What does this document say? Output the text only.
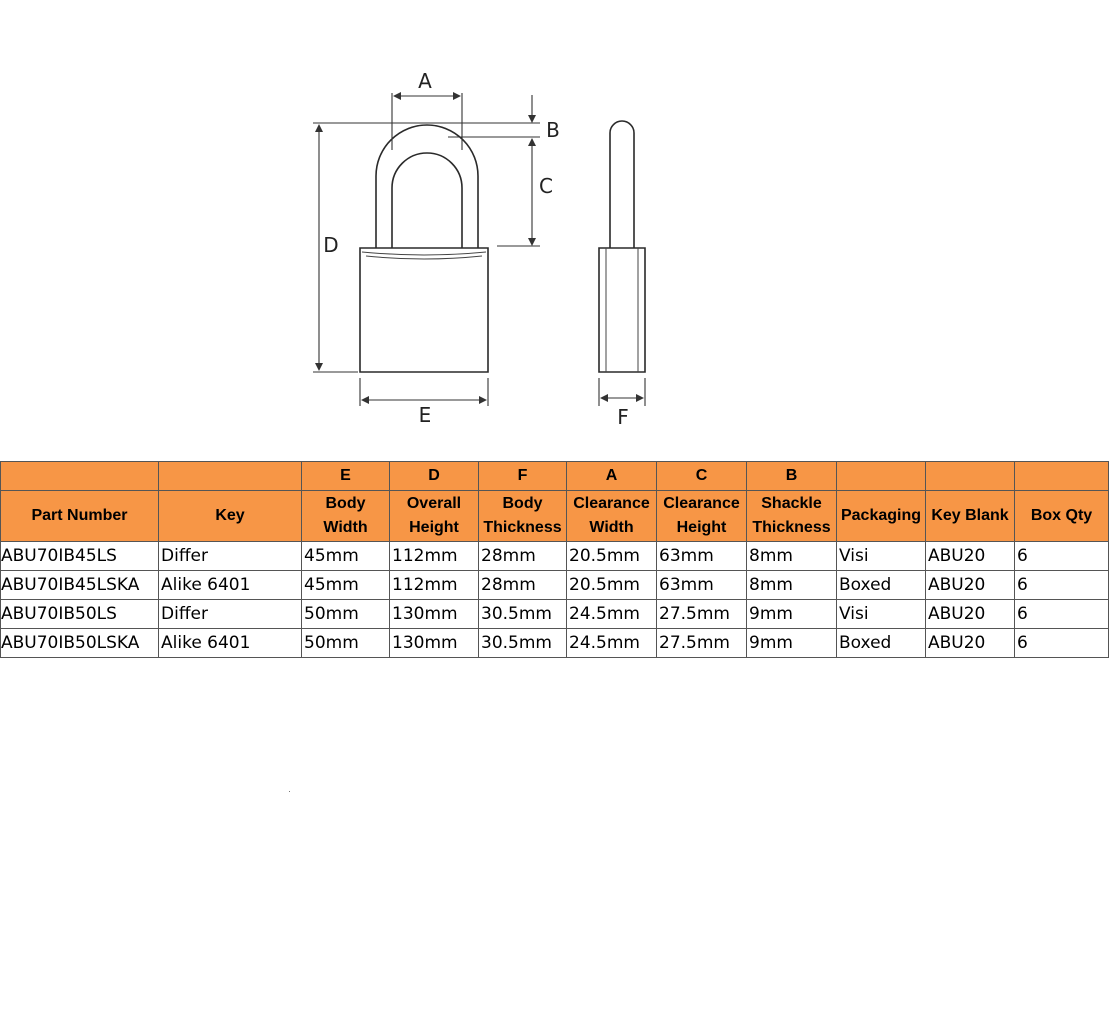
A
B
C
D
E	F
		E	D	F	A	C	B			
Part Number	Key	Body Width	Overall Height	Body Thickness	Clearance Width	Clearance Height	Shackle Thickness	Packaging	Key Blank	Box Qty
ABU70IB45LS	Differ	45mm	112mm	28mm	20.5mm	63mm	8mm	Visi	ABU20	6
ABU70IB45LSKA	Alike 6401	45mm	112mm	28mm	20.5mm	63mm	8mm	Boxed	ABU20	6
ABU70IB50LS	Differ	50mm	130mm	30.5mm	24.5mm	27.5mm	9mm	Visi	ABU20	6
ABU70IB50LSKA	Alike 6401	50mm	130mm	30.5mm	24.5mm	27.5mm	9mm	Boxed	ABU20	6
